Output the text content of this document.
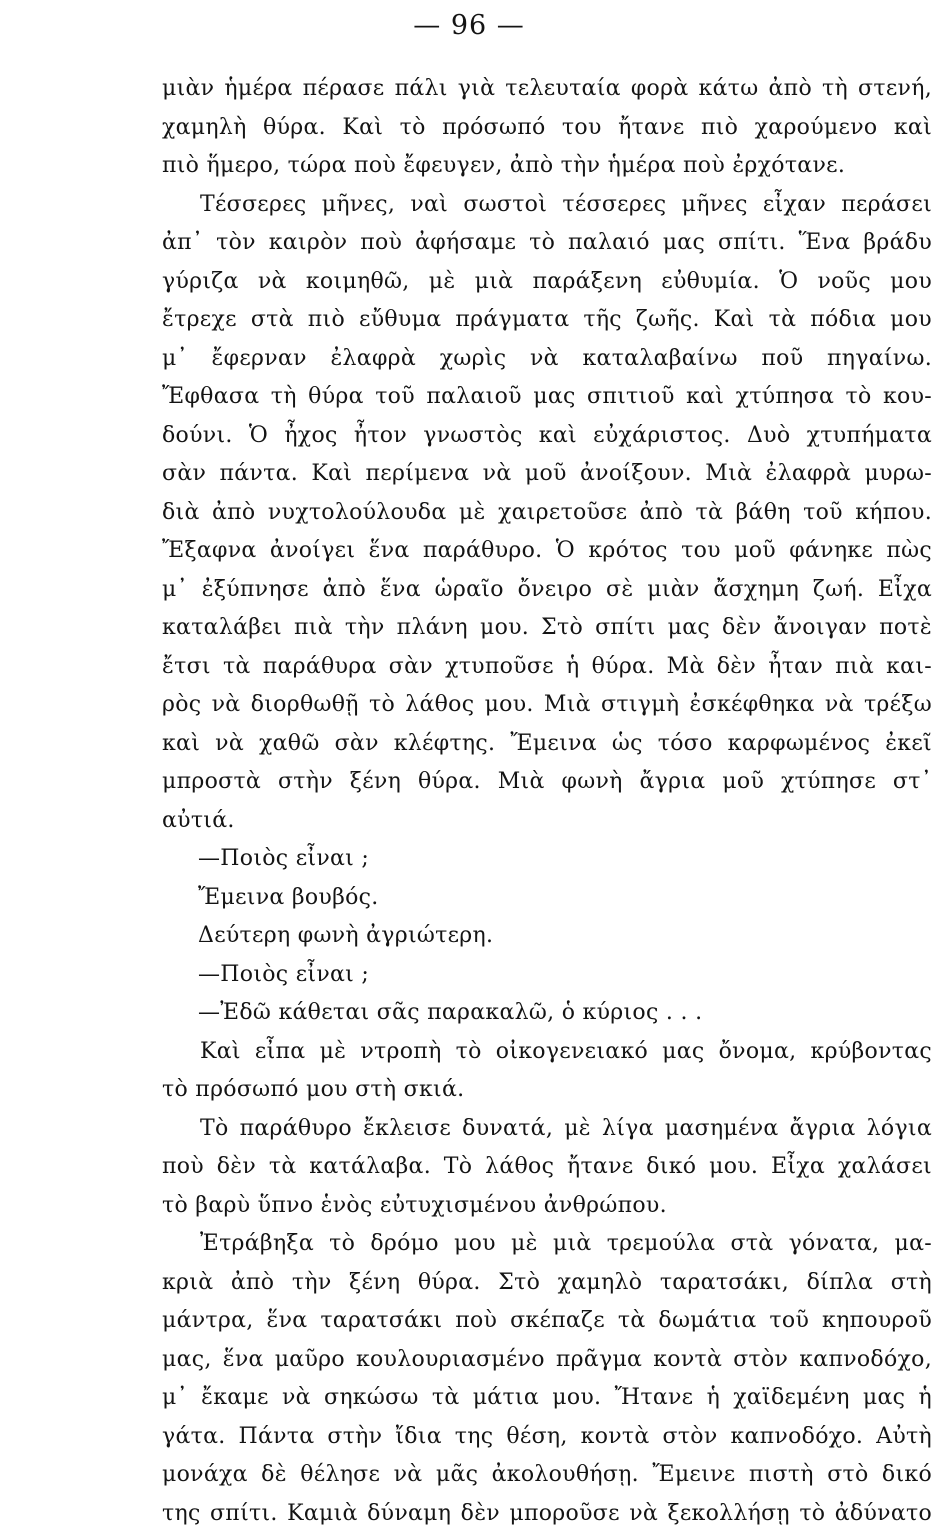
— 96 —
μιὰν ἡμέρα πέρασε πάλι γιὰ τελευταία φορὰ κάτω ἀπὸ τὴ στενή,
χαμηλὴ θύρα. Καὶ τὸ πρόσωπό του ἤτανε πιὸ χαρούμενο καὶ
πιὸ ἥμερο, τώρα ποὺ ἔφευγεν, ἀπὸ τὴν ἡμέρα ποὺ ἐρχότανε.
Τέσσερες μῆνες, ναὶ σωστοὶ τέσσερες μῆνες εἶχαν περάσει
ἀπ᾿ τὸν καιρὸν ποὺ ἀφήσαμε τὸ παλαιό μας σπίτι. Ἕνα βράδυ
γύριζα νὰ κοιμηθῶ, μὲ μιὰ παράξενη εὐθυμία. Ὁ νοῦς μου
ἔτρεχε στὰ πιὸ εὔθυμα πράγματα τῆς ζωῆς. Καὶ τὰ πόδια μου
μ᾿ ἔφερναν ἐλαφρὰ χωρὶς νὰ καταλαβαίνω ποῦ πηγαίνω.
Ἔφθασα τὴ θύρα τοῦ παλαιοῦ μας σπιτιοῦ καὶ χτύπησα τὸ κου-
δούνι. Ὁ ἦχος ἦτον γνωστὸς καὶ εὐχάριστος. Δυὸ χτυπήματα
σὰν πάντα. Καὶ περίμενα νὰ μοῦ ἀνοίξουν. Μιὰ ἐλαφρὰ μυρω-
διὰ ἀπὸ νυχτολούλουδα μὲ χαιρετοῦσε ἀπὸ τὰ βάθη τοῦ κήπου.
Ἔξαφνα ἀνοίγει ἕνα παράθυρο. Ὁ κρότος του μοῦ φάνηκε πὼς
μ᾿ ἐξύπνησε ἀπὸ ἕνα ὡραῖο ὄνειρο σὲ μιὰν ἄσχημη ζωή. Εἶχα
καταλάβει πιὰ τὴν πλάνη μου. Στὸ σπίτι μας δὲν ἄνοιγαν ποτὲ
ἔτσι τὰ παράθυρα σὰν χτυποῦσε ἡ θύρα. Μὰ δὲν ἦταν πιὰ και-
ρὸς νὰ διορθωθῇ τὸ λάθος μου. Μιὰ στιγμὴ ἐσκέφθηκα νὰ τρέξω
καὶ νὰ χαθῶ σὰν κλέφτης. Ἔμεινα ὡς τόσο καρφωμένος ἐκεῖ
μπροστὰ στὴν ξένη θύρα. Μιὰ φωνὴ ἄγρια μοῦ χτύπησε στ᾿
αὐτιά.
—Ποιὸς εἶναι ;
Ἔμεινα βουβός.
Δεύτερη φωνὴ ἀγριώτερη.
—Ποιὸς εἶναι ;
—Ἐδῶ κάθεται σᾶς παρακαλῶ, ὁ κύριος . . .
Καὶ εἶπα μὲ ντροπὴ τὸ οἰκογενειακό μας ὄνομα, κρύβοντας
τὸ πρόσωπό μου στὴ σκιά.
Τὸ παράθυρο ἔκλεισε δυνατά, μὲ λίγα μασημένα ἄγρια λόγια
ποὺ δὲν τὰ κατάλαβα. Τὸ λάθος ἤτανε δικό μου. Εἶχα χαλάσει
τὸ βαρὺ ὕπνο ἑνὸς εὐτυχισμένου ἀνθρώπου.
Ἐτράβηξα τὸ δρόμο μου μὲ μιὰ τρεμούλα στὰ γόνατα, μα-
κριὰ ἀπὸ τὴν ξένη θύρα. Στὸ χαμηλὸ ταρατσάκι, δίπλα στὴ
μάντρα, ἕνα ταρατσάκι ποὺ σκέπαζε τὰ δωμάτια τοῦ κηπουροῦ
μας, ἕνα μαῦρο κουλουριασμένο πρᾶγμα κοντὰ στὸν καπνοδόχο,
μ᾿ ἔκαμε νὰ σηκώσω τὰ μάτια μου. Ἤτανε ἡ χαϊδεμένη μας ἡ
γάτα. Πάντα στὴν ἴδια της θέση, κοντὰ στὸν καπνοδόχο. Αὐτὴ
μονάχα δὲ θέλησε νὰ μᾶς ἀκολουθήσῃ. Ἔμεινε πιστὴ στὸ δικό
της σπίτι. Καμιὰ δύναμη δὲν μποροῦσε νὰ ξεκολλήσῃ τὸ ἀδύνατο
